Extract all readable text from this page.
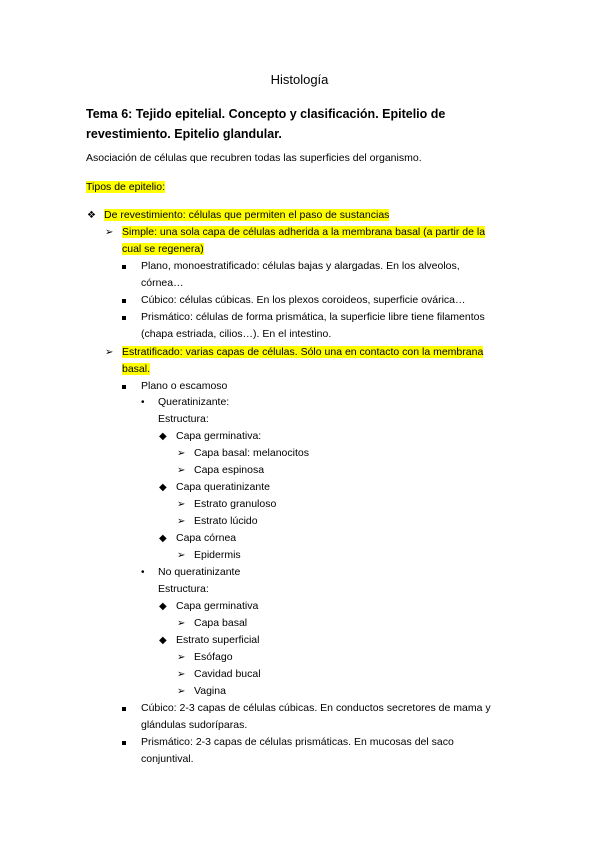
Histología
Tema 6: Tejido epitelial. Concepto y clasificación. Epitelio de revestimiento. Epitelio glandular.
Asociación de células que recubren todas las superficies del organismo.
Tipos de epitelio:
❖ De revestimiento: células que permiten el paso de sustancias
➢ Simple: una sola capa de células adherida a la membrana basal (a partir de la cual se regenera)
Plano, monoestratificado: células bajas y alargadas. En los alveolos, córnea…
Cúbico: células cúbicas. En los plexos coroideos, superficie ovárica…
Prismático: células de forma prismática, la superficie libre tiene filamentos (chapa estriada, cilios…). En el intestino.
➢ Estratificado: varias capas de células. Sólo una en contacto con la membrana basal.
Plano o escamoso
• Queratinizante:
Estructura:
◆ Capa germinativa:
➢ Capa basal: melanocitos
➢ Capa espinosa
◆ Capa queratinizante
➢ Estrato granuloso
➢ Estrato lúcido
◆ Capa córnea
➢ Epidermis
• No queratinizante
Estructura:
◆ Capa germinativa
➢ Capa basal
◆ Estrato superficial
➢ Esófago
➢ Cavidad bucal
➢ Vagina
Cúbico: 2-3 capas de células cúbicas. En conductos secretores de mama y glándulas sudoríparas.
Prismático: 2-3 capas de células prismáticas. En mucosas del saco conjuntival.
